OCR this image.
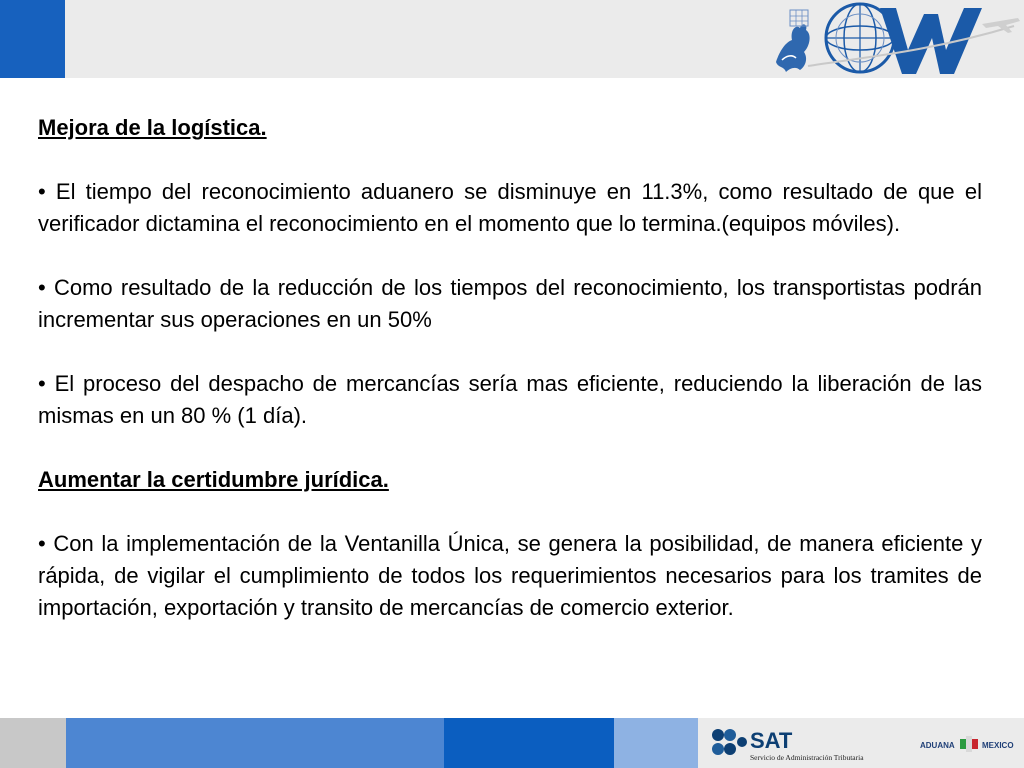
Mejora de la logística.

• El tiempo del reconocimiento aduanero se disminuye en 11.3%, como resultado de que el verificador dictamina el reconocimiento en el momento que lo termina.(equipos móviles).

• Como resultado de la reducción de los tiempos del reconocimiento, los transportistas podrán incrementar sus operaciones en un 50%

• El proceso del despacho de mercancías sería mas eficiente, reduciendo la liberación de las mismas en un 80 % (1 día).

Aumentar la certidumbre jurídica.

• Con la implementación de la Ventanilla Única, se genera la posibilidad, de manera eficiente y rápida, de vigilar el cumplimiento de todos los requerimientos necesarios para los tramites de importación, exportación y transito de mercancías de comercio exterior.

SAT
Servicio de Administración Tributaria
ADUANA	MEXICO
